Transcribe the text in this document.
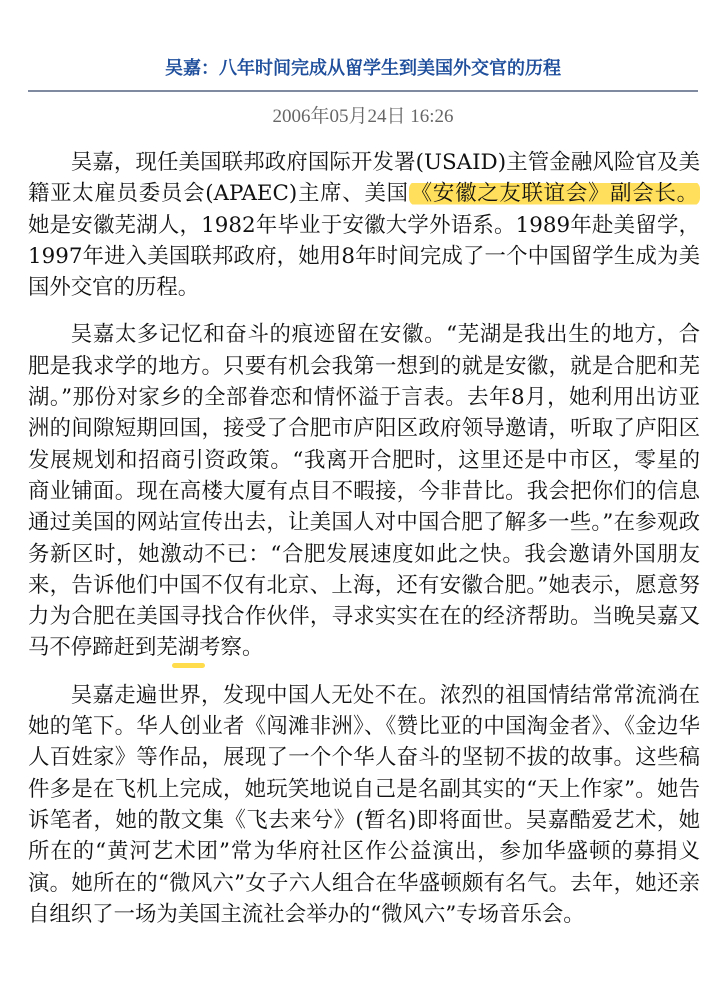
吴嘉：八年时间完成从留学生到美国外交官的历程
2006年05月24日 16:26

吴嘉，现任美国联邦政府国际开发署(USAID)主管金融风险官及美籍亚太雇员委员会(APAEC)主席、美国《安徽之友联谊会》副会长。她是安徽芜湖人，1982年毕业于安徽大学外语系。1989年赴美留学，1997年进入美国联邦政府，她用8年时间完成了一个中国留学生成为美国外交官的历程。

吴嘉太多记忆和奋斗的痕迹留在安徽。“芜湖是我出生的地方，合肥是我求学的地方。只要有机会我第一想到的就是安徽，就是合肥和芜湖。”那份对家乡的全部眷恋和情怀溢于言表。去年8月，她利用出访亚洲的间隙短期回国，接受了合肥市庐阳区政府领导邀请，听取了庐阳区发展规划和招商引资政策。“我离开合肥时，这里还是中市区，零星的商业铺面。现在高楼大厦有点目不暇接，今非昔比。我会把你们的信息通过美国的网站宣传出去，让美国人对中国合肥了解多一些。”在参观政务新区时，她激动不已：“合肥发展速度如此之快。我会邀请外国朋友来，告诉他们中国不仅有北京、上海，还有安徽合肥。”她表示，愿意努力为合肥在美国寻找合作伙伴，寻求实实在在的经济帮助。当晚吴嘉又马不停蹄赶到芜湖考察。

吴嘉走遍世界，发现中国人无处不在。浓烈的祖国情结常常流淌在她的笔下。华人创业者《闯滩非洲》、《赞比亚的中国淘金者》、《金边华人百姓家》等作品，展现了一个个华人奋斗的坚韧不拔的故事。这些稿件多是在飞机上完成，她玩笑地说自己是名副其实的“天上作家”。她告诉笔者，她的散文集《飞去来兮》(暂名)即将面世。吴嘉酷爱艺术，她所在的“黄河艺术团”常为华府社区作公益演出，参加华盛顿的募捐义演。她所在的“微风六”女子六人组合在华盛顿颇有名气。去年，她还亲自组织了一场为美国主流社会举办的“微风六”专场音乐会。
